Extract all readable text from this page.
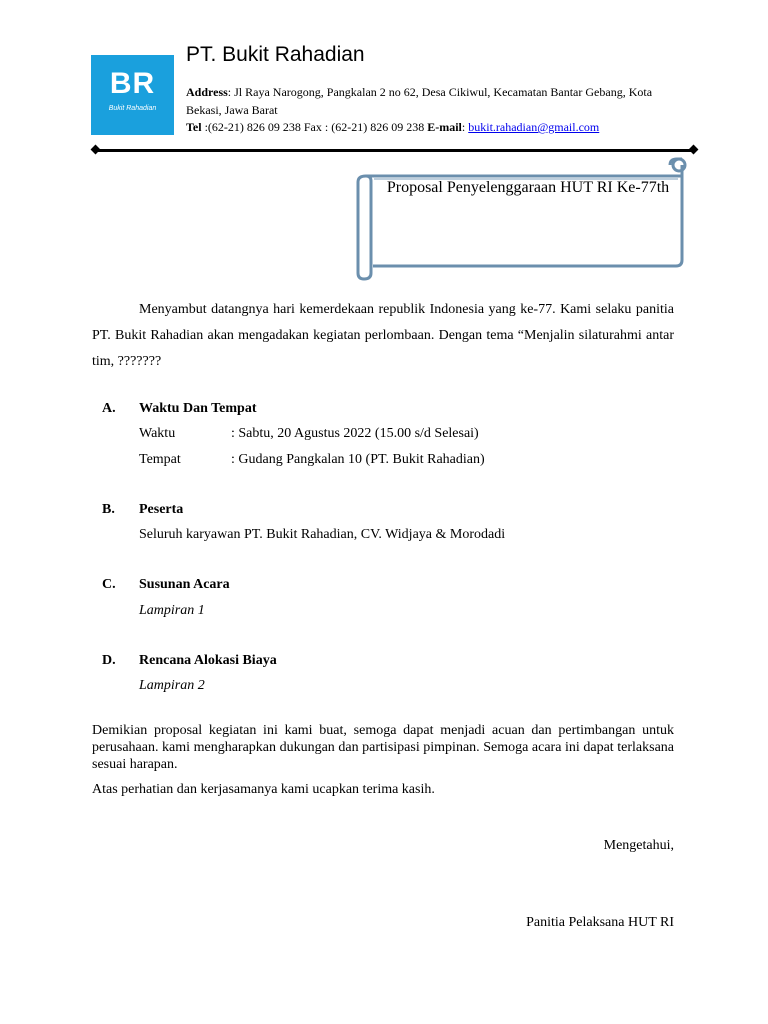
BR
Bukit Rahadian
PT. Bukit Rahadian
Address: Jl Raya Narogong, Pangkalan 2 no 62, Desa Cikiwul, Kecamatan Bantar Gebang, Kota Bekasi, Jawa Barat
Tel :(62-21) 826 09 238 Fax : (62-21) 826 09 238 E-mail: bukit.rahadian@gmail.com
Proposal Penyelenggaraan HUT RI Ke-77th
Menyambut datangnya hari kemerdekaan republik Indonesia yang ke-77. Kami selaku panitia PT. Bukit Rahadian akan mengadakan kegiatan perlombaan. Dengan tema “Menjalin silaturahmi antar tim, ???????
A. Waktu Dan Tempat
Waktu	: Sabtu, 20 Agustus 2022 (15.00 s/d Selesai)
Tempat	: Gudang Pangkalan 10 (PT. Bukit Rahadian)
B. Peserta
Seluruh karyawan PT. Bukit Rahadian, CV. Widjaya & Morodadi
C. Susunan Acara
Lampiran 1
D. Rencana Alokasi Biaya
Lampiran 2
Demikian proposal kegiatan ini kami buat, semoga dapat menjadi acuan dan pertimbangan untuk perusahaan. kami mengharapkan dukungan dan partisipasi pimpinan. Semoga acara ini dapat terlaksana sesuai harapan.
Atas perhatian dan kerjasamanya kami ucapkan terima kasih.
Mengetahui,
Panitia Pelaksana HUT RI
